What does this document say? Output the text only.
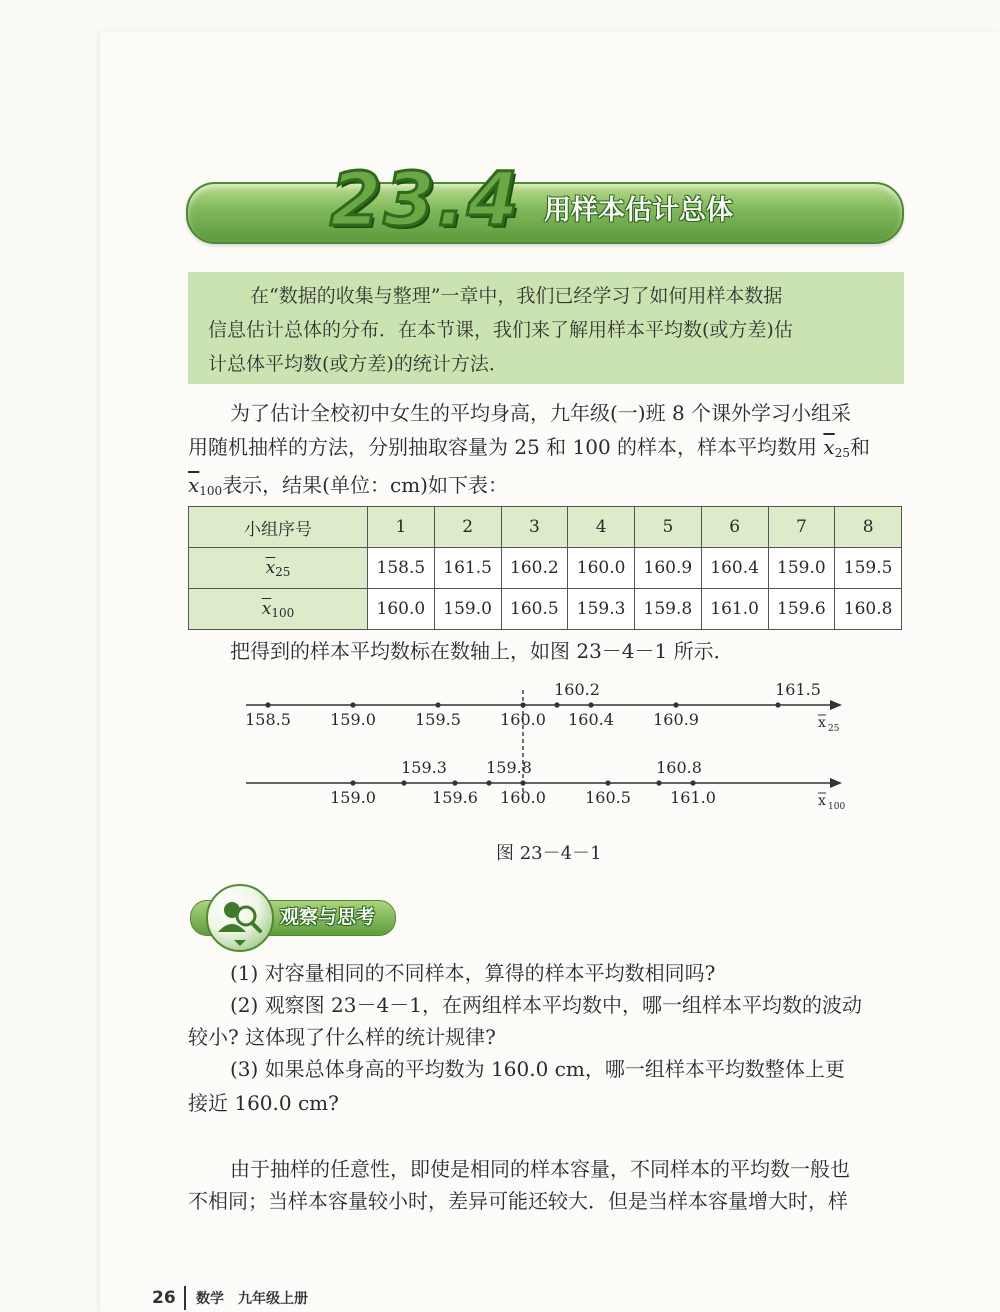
23.4 用样本估计总体

在“数据的收集与整理”一章中，我们已经学习了如何用样本数据

信息估计总体的分布．在本节课，我们来了解用样本平均数(或方差)估

计总体平均数(或方差)的统计方法．

为了估计全校初中女生的平均身高，九年级(一)班 8 个课外学习小组采

用随机抽样的方法，分别抽取容量为 25 和 100 的样本，样本平均数用 $\overline{x}_{25}$和

$\overline{x}_{100}$表示，结果(单位：cm)如下表：

小组序号	1	2	3	4	5	6	7	8
$\overline{x}_{25}$	158.5	161.5	160.2	160.0	160.9	160.4	159.0	159.5
$\overline{x}_{100}$	160.0	159.0	160.5	159.3	159.8	161.0	159.6	160.8

把得到的样本平均数标在数轴上，如图 23－4－1 所示．

160.2	161.5
158.5 159.0 159.5 160.0 160.4 160.9	x 25
159.3 159.8	160.8
159.0	159.6 160.0 160.5 161.0	x 100
图 23－4－1
观察与思考

(1) 对容量相同的不同样本，算得的样本平均数相同吗?

(2) 观察图 23－4－1，在两组样本平均数中，哪一组样本平均数的波动

较小? 这体现了什么样的统计规律?

(3) 如果总体身高的平均数为 160.0 cm，哪一组样本平均数整体上更

接近 160.0 cm?

由于抽样的任意性，即使是相同的样本容量，不同样本的平均数一般也

不相同；当样本容量较小时，差异可能还较大．但是当样本容量增大时，样

26 数学　九年级上册
